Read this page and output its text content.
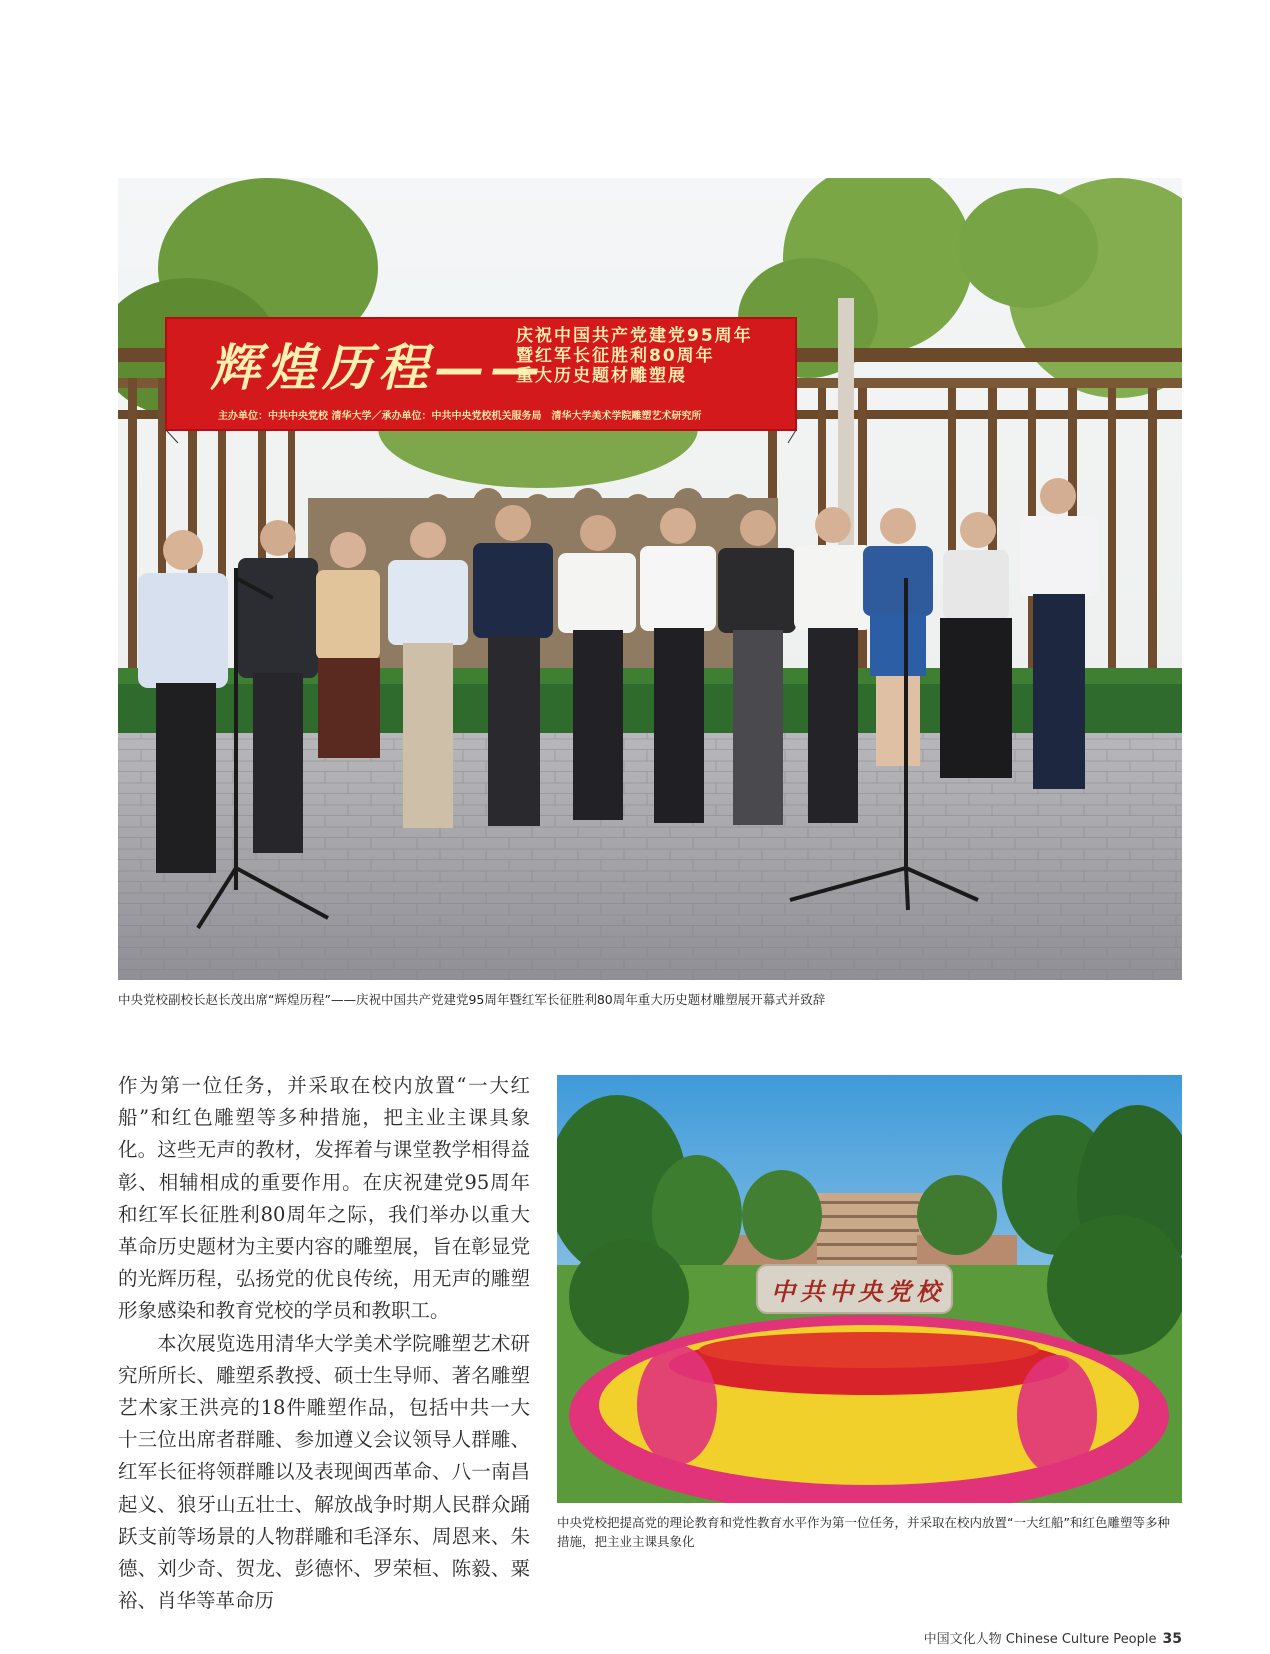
辉煌历程——
庆祝中国共产党建党95周年
暨红军长征胜利80周年
重大历史题材雕塑展
主办单位：中共中央党校 清华大学／承办单位：中共中央党校机关服务局　清华大学美术学院雕塑艺术研究所
中央党校副校长赵长茂出席“辉煌历程”——庆祝中国共产党建党95周年暨红军长征胜利80周年重大历史题材雕塑展开幕式并致辞

作为第一位任务，并采取在校内放置“一大红船”和红色雕塑等多种措施，把主业主课具象化。这些无声的教材，发挥着与课堂教学相得益彰、相辅相成的重要作用。在庆祝建党95周年和红军长征胜利80周年之际，我们举办以重大革命历史题材为主要内容的雕塑展，旨在彰显党的光辉历程，弘扬党的优良传统，用无声的雕塑形象感染和教育党校的学员和教职工。

本次展览选用清华大学美术学院雕塑艺术研究所所长、雕塑系教授、硕士生导师、著名雕塑艺术家王洪亮的18件雕塑作品，包括中共一大十三位出席者群雕、参加遵义会议领导人群雕、红军长征将领群雕以及表现闽西革命、八一南昌起义、狼牙山五壮士、解放战争时期人民群众踊跃支前等场景的人物群雕和毛泽东、周恩来、朱德、刘少奇、贺龙、彭德怀、罗荣桓、陈毅、粟裕、肖华等革命历

中共中央党校
中央党校把提高党的理论教育和党性教育水平作为第一位任务，并采取在校内放置“一大红船”和红色雕塑等多种措施，把主业主课具象化
中国文化人物 Chinese Culture People 35
